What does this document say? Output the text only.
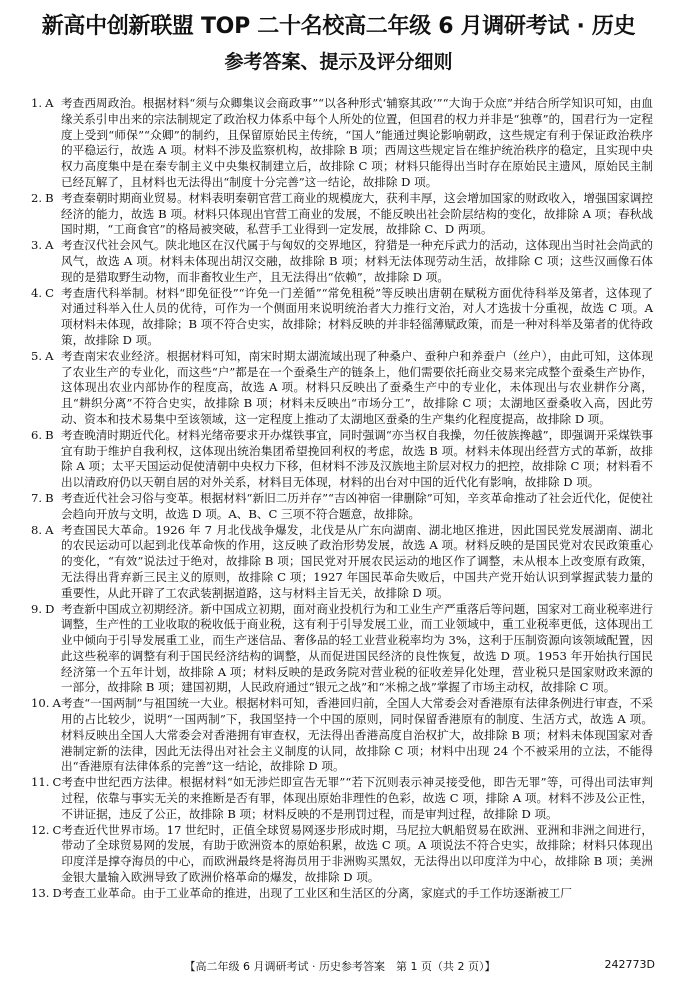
新高中创新联盟 TOP 二十名校高二年级 6 月调研考试 · 历史
参考答案、提示及评分细则
1. A 考查西周政治。根据材料“须与众卿集议会商政事”“以各种形式‘辅察其政’”“大询于众庶”并结合所学知识可知，由血缘关系引申出来的宗法制规定了政治权力体系中每个人所处的位置，但国君的权力并非是“独尊”的，国君行为一定程度上受到“师保”“众卿”的制约，且保留原始民主传统，“国人”能通过舆论影响朝政，这些规定有利于保证政治秩序的平稳运行，故选 A 项。材料不涉及监察机构，故排除 B 项；西周这些规定旨在维护统治秩序的稳定，且实现中央权力高度集中是在秦专制主义中央集权制建立后，故排除 C 项；材料只能得出当时存在原始民主遗风，原始民主制已经瓦解了，且材料也无法得出“制度十分完善”这一结论，故排除 D 项。
2. B 考查秦朝时期商业贸易。材料表明秦朝官营工商业的规模庞大，获利丰厚，这会增加国家的财政收入，增强国家调控经济的能力，故选 B 项。材料只体现出官营工商业的发展，不能反映出社会阶层结构的变化，故排除 A 项；春秋战国时期，“工商食官”的格局被突破，私营手工业得到一定发展，故排除 C、D 两项。
3. A 考查汉代社会风气。陕北地区在汉代属于与匈奴的交界地区，狩猎是一种充斥武力的活动，这体现出当时社会尚武的风气，故选 A 项。材料未体现出胡汉交融，故排除 B 项；材料无法体现劳动生活，故排除 C 项；这些汉画像石体现的是猎取野生动物，而非畜牧业生产，且无法得出“依赖”，故排除 D 项。
4. C 考查唐代科举制。材料“即免征役”“许免一门差循”“常免租税”等反映出唐朝在赋税方面优待科举及第者，这体现了对通过科举入仕人员的优待，可作为一个侧面用来说明统治者大力推行文治，对人才选拔十分重视，故选 C 项。A 项材料未体现，故排除；B 项不符合史实，故排除；材料反映的并非轻徭薄赋政策，而是一种对科举及第者的优待政策，故排除 D 项。
5. A 考查南宋农业经济。根据材料可知，南宋时期太湖流域出现了种桑户、蚕种户和养蚕户（丝户），由此可知，这体现了农业生产的专业化，而这些“户”都是在一个蚕桑生产的链条上，他们需要依托商业交易来完成整个蚕桑生产协作，这体现出农业内部协作的程度高，故选 A 项。材料只反映出了蚕桑生产中的专业化，未体现出与农业耕作分离，且“耕织分离”不符合史实，故排除 B 项；材料未反映出“市场分工”，故排除 C 项；太湖地区蚕桑收入高，因此劳动、资本和技术易集中至该领域，这一定程度上推动了太湖地区蚕桑的生产集约化程度提高，故排除 D 项。
6. B 考查晚清时期近代化。材料光绪帝要求开办煤铁事宜，同时强调“亦当权自我操，勿任彼族搀越”，即强调开采煤铁事宜有助于维护自我利权，这体现出统治集团希望挽回利权的考虑，故选 B 项。材料未体现出经营方式的革新，故排除 A 项；太平天国运动促使清朝中央权力下移，但材料不涉及汉族地主阶层对权力的把控，故排除 C 项；材料看不出以清政府仍以天朝自居的对外关系，材料目无体现，材料的出台对中国的近代化有影响，故排除 D 项。
7. B 考查近代社会习俗与变革。根据材料“新旧二历并存”“吉凶神宿一律删除”可知，辛亥革命推动了社会近代化，促使社会趋向开放与文明，故选 D 项。A、B、C 三项不符合题意，故排除。
8. A 考查国民大革命。1926 年 7 月北伐战争爆发，北伐是从广东向湖南、湖北地区推进，因此国民党发展湖南、湖北的农民运动可以起到北伐革命恢的作用，这反映了政治形势发展，故选 A 项。材料反映的是国民党对农民政策重心的变化，“有效”说法过于绝对，故排除 B 项；国民党对开展农民运动的地区作了调整，未从根本上改变原有政策，无法得出背弃新三民主义的原则，故排除 C 项；1927 年国民革命失败后，中国共产党开始认识到掌握武装力量的重要性，从此开辟了工农武装割据道路，这与材料主旨无关，故排除 D 项。
9. D 考查新中国成立初期经济。新中国成立初期，面对商业投机行为和工业生产严重落后等问题，国家对工商业税率进行调整，生产性的工业收取的税收低于商业税，这有利于引导发展工业，而工业领域中，重工业税率更低，这体现出工业中倾向于引导发展重工业，而生产迷信品、奢侈品的轻工业营业税率均为 3%，这利于压制资源向该领域配置，因此这些税率的调整有利于国民经济结构的调整，从而促进国民经济的良性恢复，故选 D 项。1953 年开始执行国民经济第一个五年计划，故排除 A 项；材料反映的是政务院对营业税的征收差异化处理，营业税只是国家财政来源的一部分，故排除 B 项；建国初期，人民政府通过“银元之战”和“米棉之战”掌握了市场主动权，故排除 C 项。
10. A 考查“一国两制”与祖国统一大业。根据材料可知，香港回归前，全国人大常委会对香港原有法律条例进行审查，不采用的占比较少，说明“一国两制”下，我国坚持一个中国的原则，同时保留香港原有的制度、生活方式，故选 A 项。材料反映出全国人大常委会对香港拥有审查权，无法得出香港高度自治权扩大，故排除 B 项；材料未体现国家对香港制定新的法律，因此无法得出对社会主义制度的认同，故排除 C 项；材料中出现 24 个不被采用的立法，不能得出“香港原有法律体系的完善”这一结论，故排除 D 项。
11. C 考查中世纪西方法律。根据材料“如无涉烂即宣告无罪”“若下沉则表示神灵接受他，即告无罪”等，可得出司法审判过程，依靠与事实无关的来推断是否有罪，体现出原始非理性的色彩，故选 C 项，排除 A 项。材料不涉及公正性，不讲证据，违反了公正，故排除 B 项；材料反映的不是刑罚过程，而是审判过程，故排除 D 项。
12. C 考查近代世界市场。17 世纪时，正值全球贸易网逐步形成时期，马尼拉大帆船贸易在欧洲、亚洲和非洲之间进行，带动了全球贸易网的发展，有助于欧洲资本的原始积累，故选 C 项。A 项说法不符合史实，故排除；材料只体现出印度洋是撑夺海员的中心，而欧洲最终是将海员用于非洲购买黑奴，无法得出以印度洋为中心，故排除 B 项；美洲金银大量输入欧洲导致了欧洲价格革命的爆发，故排除 D 项。
13. D 考查工业革命。由于工业革命的推进，出现了工业区和生活区的分离，家庭式的手工作坊逐渐被工厂
【高二年级 6 月调研考试 · 历史参考答案　第 1 页（共 2 页）】	242773D
